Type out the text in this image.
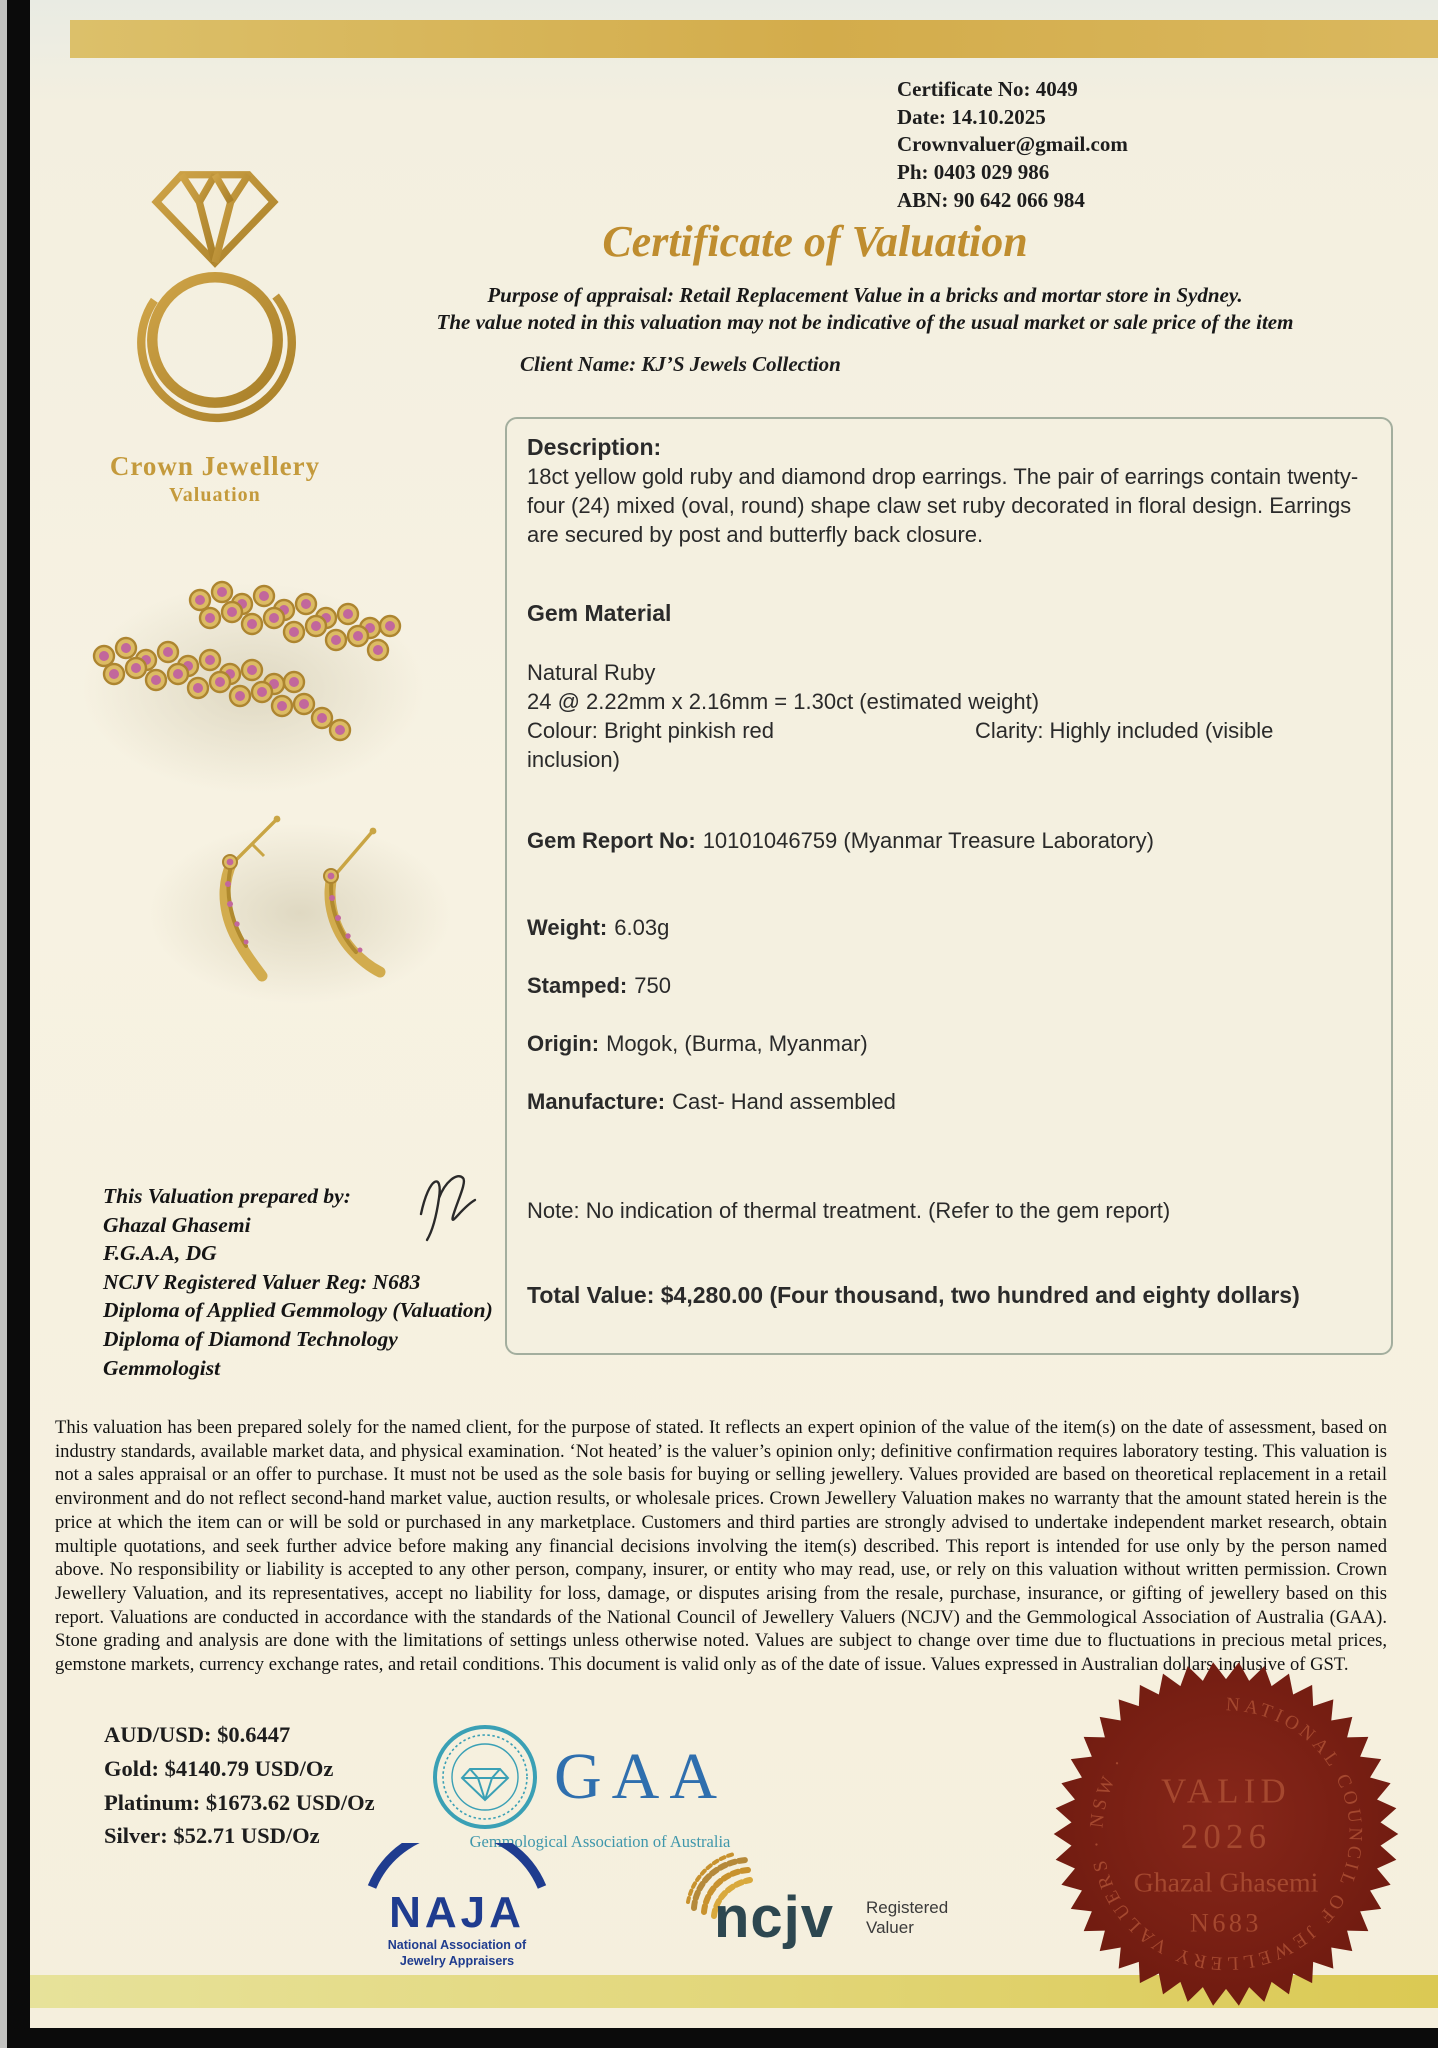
Certificate No: 4049
Date: 14.10.2025
Crownvaluer@gmail.com
Ph: 0403 029 986
ABN: 90 642 066 984
Crown Jewellery
Valuation
Certificate of Valuation
Purpose of appraisal: Retail Replacement Value in a bricks and mortar store in Sydney.
The value noted in this valuation may not be indicative of the usual market or sale price of the item
Client Name: KJ’S Jewels Collection
Description:
18ct yellow gold ruby and diamond drop earrings. The pair of earrings contain twenty-four (24) mixed (oval, round) shape claw set ruby decorated in floral design. Earrings are secured by post and butterfly back closure.
Gem Material
Natural Ruby
24 @ 2.22mm x 2.16mm = 1.30ct (estimated weight)
Colour: Bright pinkish red	Clarity: Highly included (visible
inclusion)
Gem Report No: 10101046759 (Myanmar Treasure Laboratory)
Weight: 6.03g
Stamped: 750
Origin: Mogok, (Burma, Myanmar)
Manufacture: Cast- Hand assembled
Note: No indication of thermal treatment. (Refer to the gem report)
Total Value: $4,280.00 (Four thousand, two hundred and eighty dollars)
This Valuation prepared by:
Ghazal Ghasemi
F.G.A.A, DG
NCJV Registered Valuer Reg: N683
Diploma of Applied Gemmology (Valuation)
Diploma of Diamond Technology
Gemmologist
This valuation has been prepared solely for the named client, for the purpose of stated. It reflects an expert opinion of the value of the item(s) on the date of assessment, based on industry standards, available market data, and physical examination. ‘Not heated’ is the valuer’s opinion only; definitive confirmation requires laboratory testing. This valuation is not a sales appraisal or an offer to purchase. It must not be used as the sole basis for buying or selling jewellery. Values provided are based on theoretical replacement in a retail environment and do not reflect second-hand market value, auction results, or wholesale prices. Crown Jewellery Valuation makes no warranty that the amount stated herein is the price at which the item can or will be sold or purchased in any marketplace. Customers and third parties are strongly advised to undertake independent market research, obtain multiple quotations, and seek further advice before making any financial decisions involving the item(s) described. This report is intended for use only by the person named above. No responsibility or liability is accepted to any other person, company, insurer, or entity who may read, use, or rely on this valuation without written permission. Crown Jewellery Valuation, and its representatives, accept no liability for loss, damage, or disputes arising from the resale, purchase, insurance, or gifting of jewellery based on this report. Valuations are conducted in accordance with the standards of the National Council of Jewellery Valuers (NCJV) and the Gemmological Association of Australia (GAA). Stone grading and analysis are done with the limitations of settings unless otherwise noted. Values are subject to change over time due to fluctuations in precious metal prices, gemstone markets, currency exchange rates, and retail conditions. This document is valid only as of the date of issue. Values expressed in Australian dollars inclusive of GST.
AUD/USD: $0.6447
Gold: $4140.79 USD/Oz
Platinum: $1673.62 USD/Oz
Silver: $52.71 USD/Oz
GAA
Gemmological Association of Australia
NAJA
National Association of
Jewelry Appraisers
ncjv Registered
Valuer
NATIONAL COUNCIL OF JEWELLERY VALUERS · NSW ·
VALID
2026
Ghazal Ghasemi
N683
